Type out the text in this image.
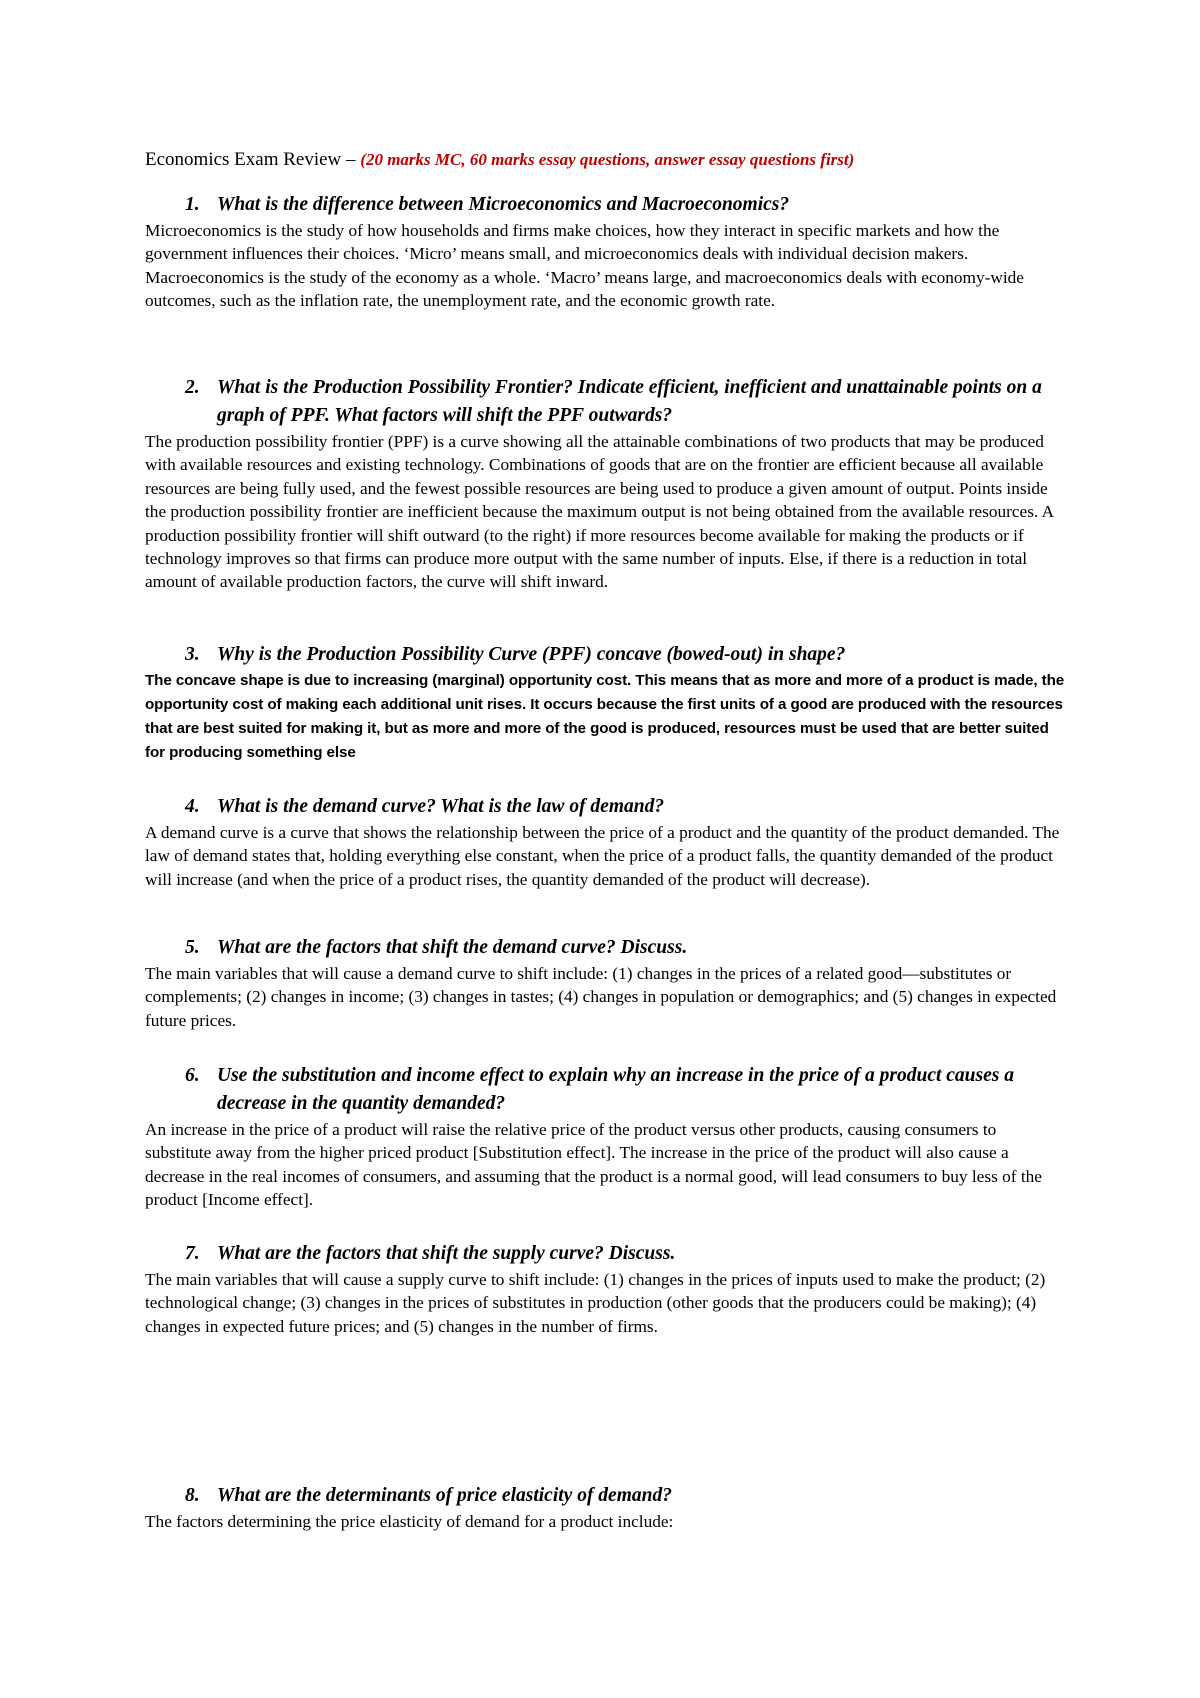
Economics Exam Review – (20 marks MC, 60 marks essay questions, answer essay questions first)
1. What is the difference between Microeconomics and Macroeconomics?
Microeconomics is the study of how households and firms make choices, how they interact in specific markets and how the government influences their choices. ‘Micro’ means small, and microeconomics deals with individual decision makers. Macroeconomics is the study of the economy as a whole. ‘Macro’ means large, and macroeconomics deals with economy-wide outcomes, such as the inflation rate, the unemployment rate, and the economic growth rate.
2. What is the Production Possibility Frontier? Indicate efficient, inefficient and unattainable points on a graph of PPF. What factors will shift the PPF outwards?
The production possibility frontier (PPF) is a curve showing all the attainable combinations of two products that may be produced with available resources and existing technology. Combinations of goods that are on the frontier are efficient because all available resources are being fully used, and the fewest possible resources are being used to produce a given amount of output. Points inside the production possibility frontier are inefficient because the maximum output is not being obtained from the available resources. A production possibility frontier will shift outward (to the right) if more resources become available for making the products or if technology improves so that firms can produce more output with the same number of inputs. Else, if there is a reduction in total amount of available production factors, the curve will shift inward.
3. Why is the Production Possibility Curve (PPF) concave (bowed-out) in shape?
The concave shape is due to increasing (marginal) opportunity cost. This means that as more and more of a product is made, the opportunity cost of making each additional unit rises. It occurs because the first units of a good are produced with the resources that are best suited for making it, but as more and more of the good is produced, resources must be used that are better suited for producing something else
4. What is the demand curve? What is the law of demand?
A demand curve is a curve that shows the relationship between the price of a product and the quantity of the product demanded. The law of demand states that, holding everything else constant, when the price of a product falls, the quantity demanded of the product will increase (and when the price of a product rises, the quantity demanded of the product will decrease).
5. What are the factors that shift the demand curve? Discuss.
The main variables that will cause a demand curve to shift include: (1) changes in the prices of a related good—substitutes or complements; (2) changes in income; (3) changes in tastes; (4) changes in population or demographics; and (5) changes in expected future prices.
6. Use the substitution and income effect to explain why an increase in the price of a product causes a decrease in the quantity demanded?
An increase in the price of a product will raise the relative price of the product versus other products, causing consumers to substitute away from the higher priced product [Substitution effect]. The increase in the price of the product will also cause a decrease in the real incomes of consumers, and assuming that the product is a normal good, will lead consumers to buy less of the product [Income effect].
7. What are the factors that shift the supply curve? Discuss.
The main variables that will cause a supply curve to shift include: (1) changes in the prices of inputs used to make the product; (2) technological change; (3) changes in the prices of substitutes in production (other goods that the producers could be making); (4) changes in expected future prices; and (5) changes in the number of firms.
8. What are the determinants of price elasticity of demand?
The factors determining the price elasticity of demand for a product include:
